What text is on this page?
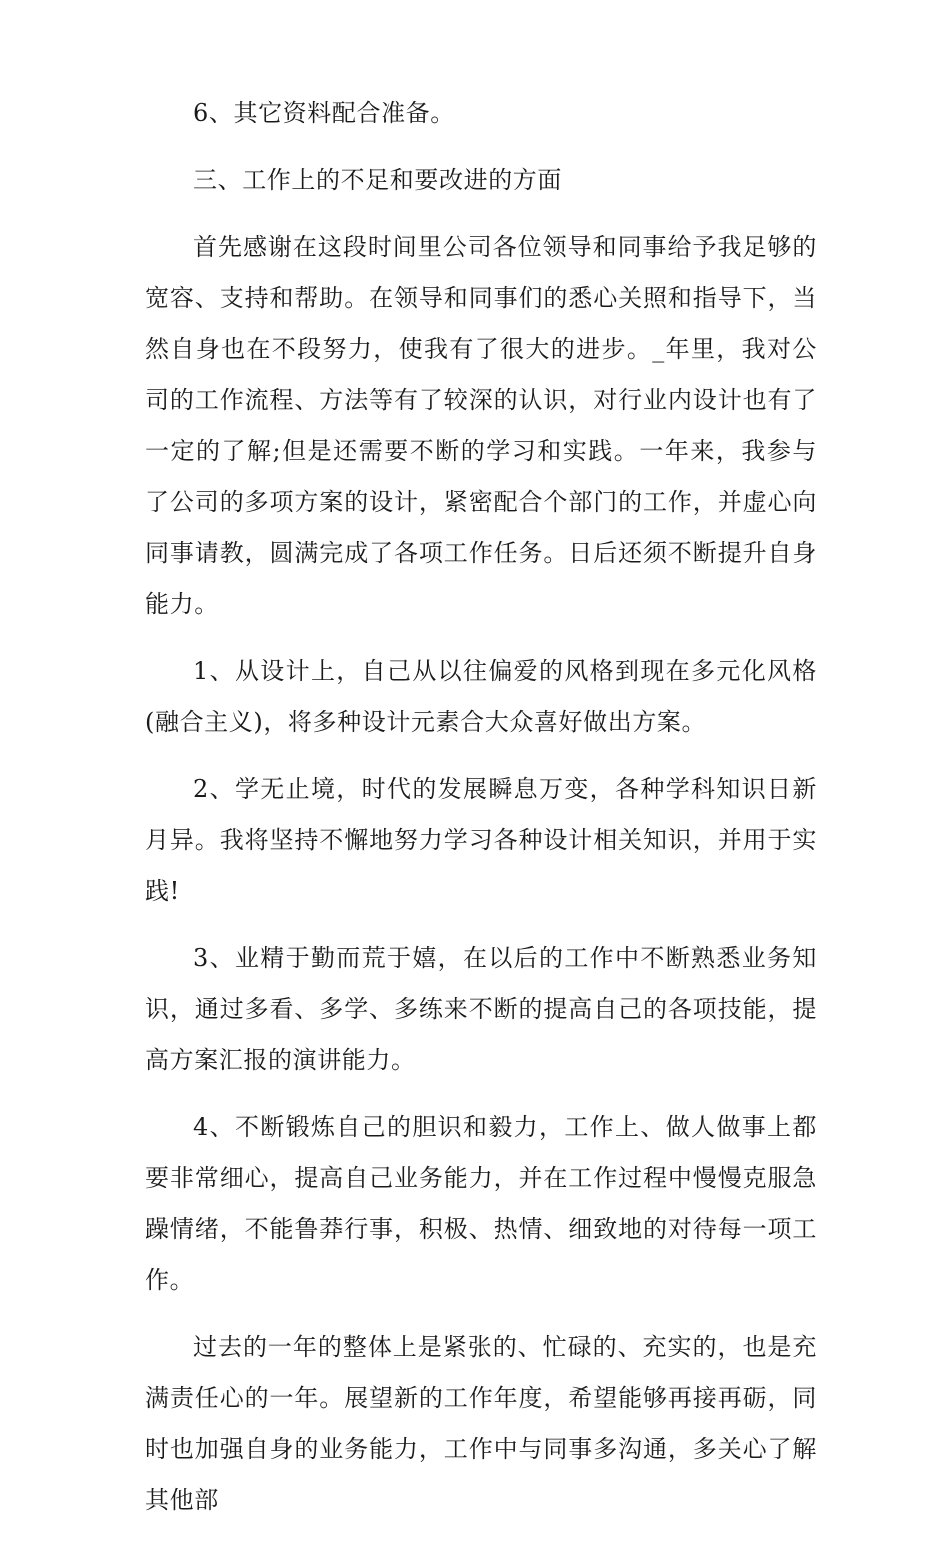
6、其它资料配合准备。

三、工作上的不足和要改进的方面

首先感谢在这段时间里公司各位领导和同事给予我足够的宽容、支持和帮助。在领导和同事们的悉心关照和指导下，当然自身也在不段努力，使我有了很大的进步。_年里，我对公司的工作流程、方法等有了较深的认识，对行业内设计也有了一定的了解;但是还需要不断的学习和实践。一年来，我参与了公司的多项方案的设计，紧密配合个部门的工作，并虚心向同事请教，圆满完成了各项工作任务。日后还须不断提升自身能力。

1、从设计上，自己从以往偏爱的风格到现在多元化风格(融合主义)，将多种设计元素合大众喜好做出方案。

2、学无止境，时代的发展瞬息万变，各种学科知识日新月异。我将坚持不懈地努力学习各种设计相关知识，并用于实践!

3、业精于勤而荒于嬉，在以后的工作中不断熟悉业务知识，通过多看、多学、多练来不断的提高自己的各项技能，提高方案汇报的演讲能力。

4、不断锻炼自己的胆识和毅力，工作上、做人做事上都要非常细心，提高自己业务能力，并在工作过程中慢慢克服急躁情绪，不能鲁莽行事，积极、热情、细致地的对待每一项工作。

过去的一年的整体上是紧张的、忙碌的、充实的，也是充满责任心的一年。展望新的工作年度，希望能够再接再砺，同时也加强自身的业务能力，工作中与同事多沟通，多关心了解其他部
